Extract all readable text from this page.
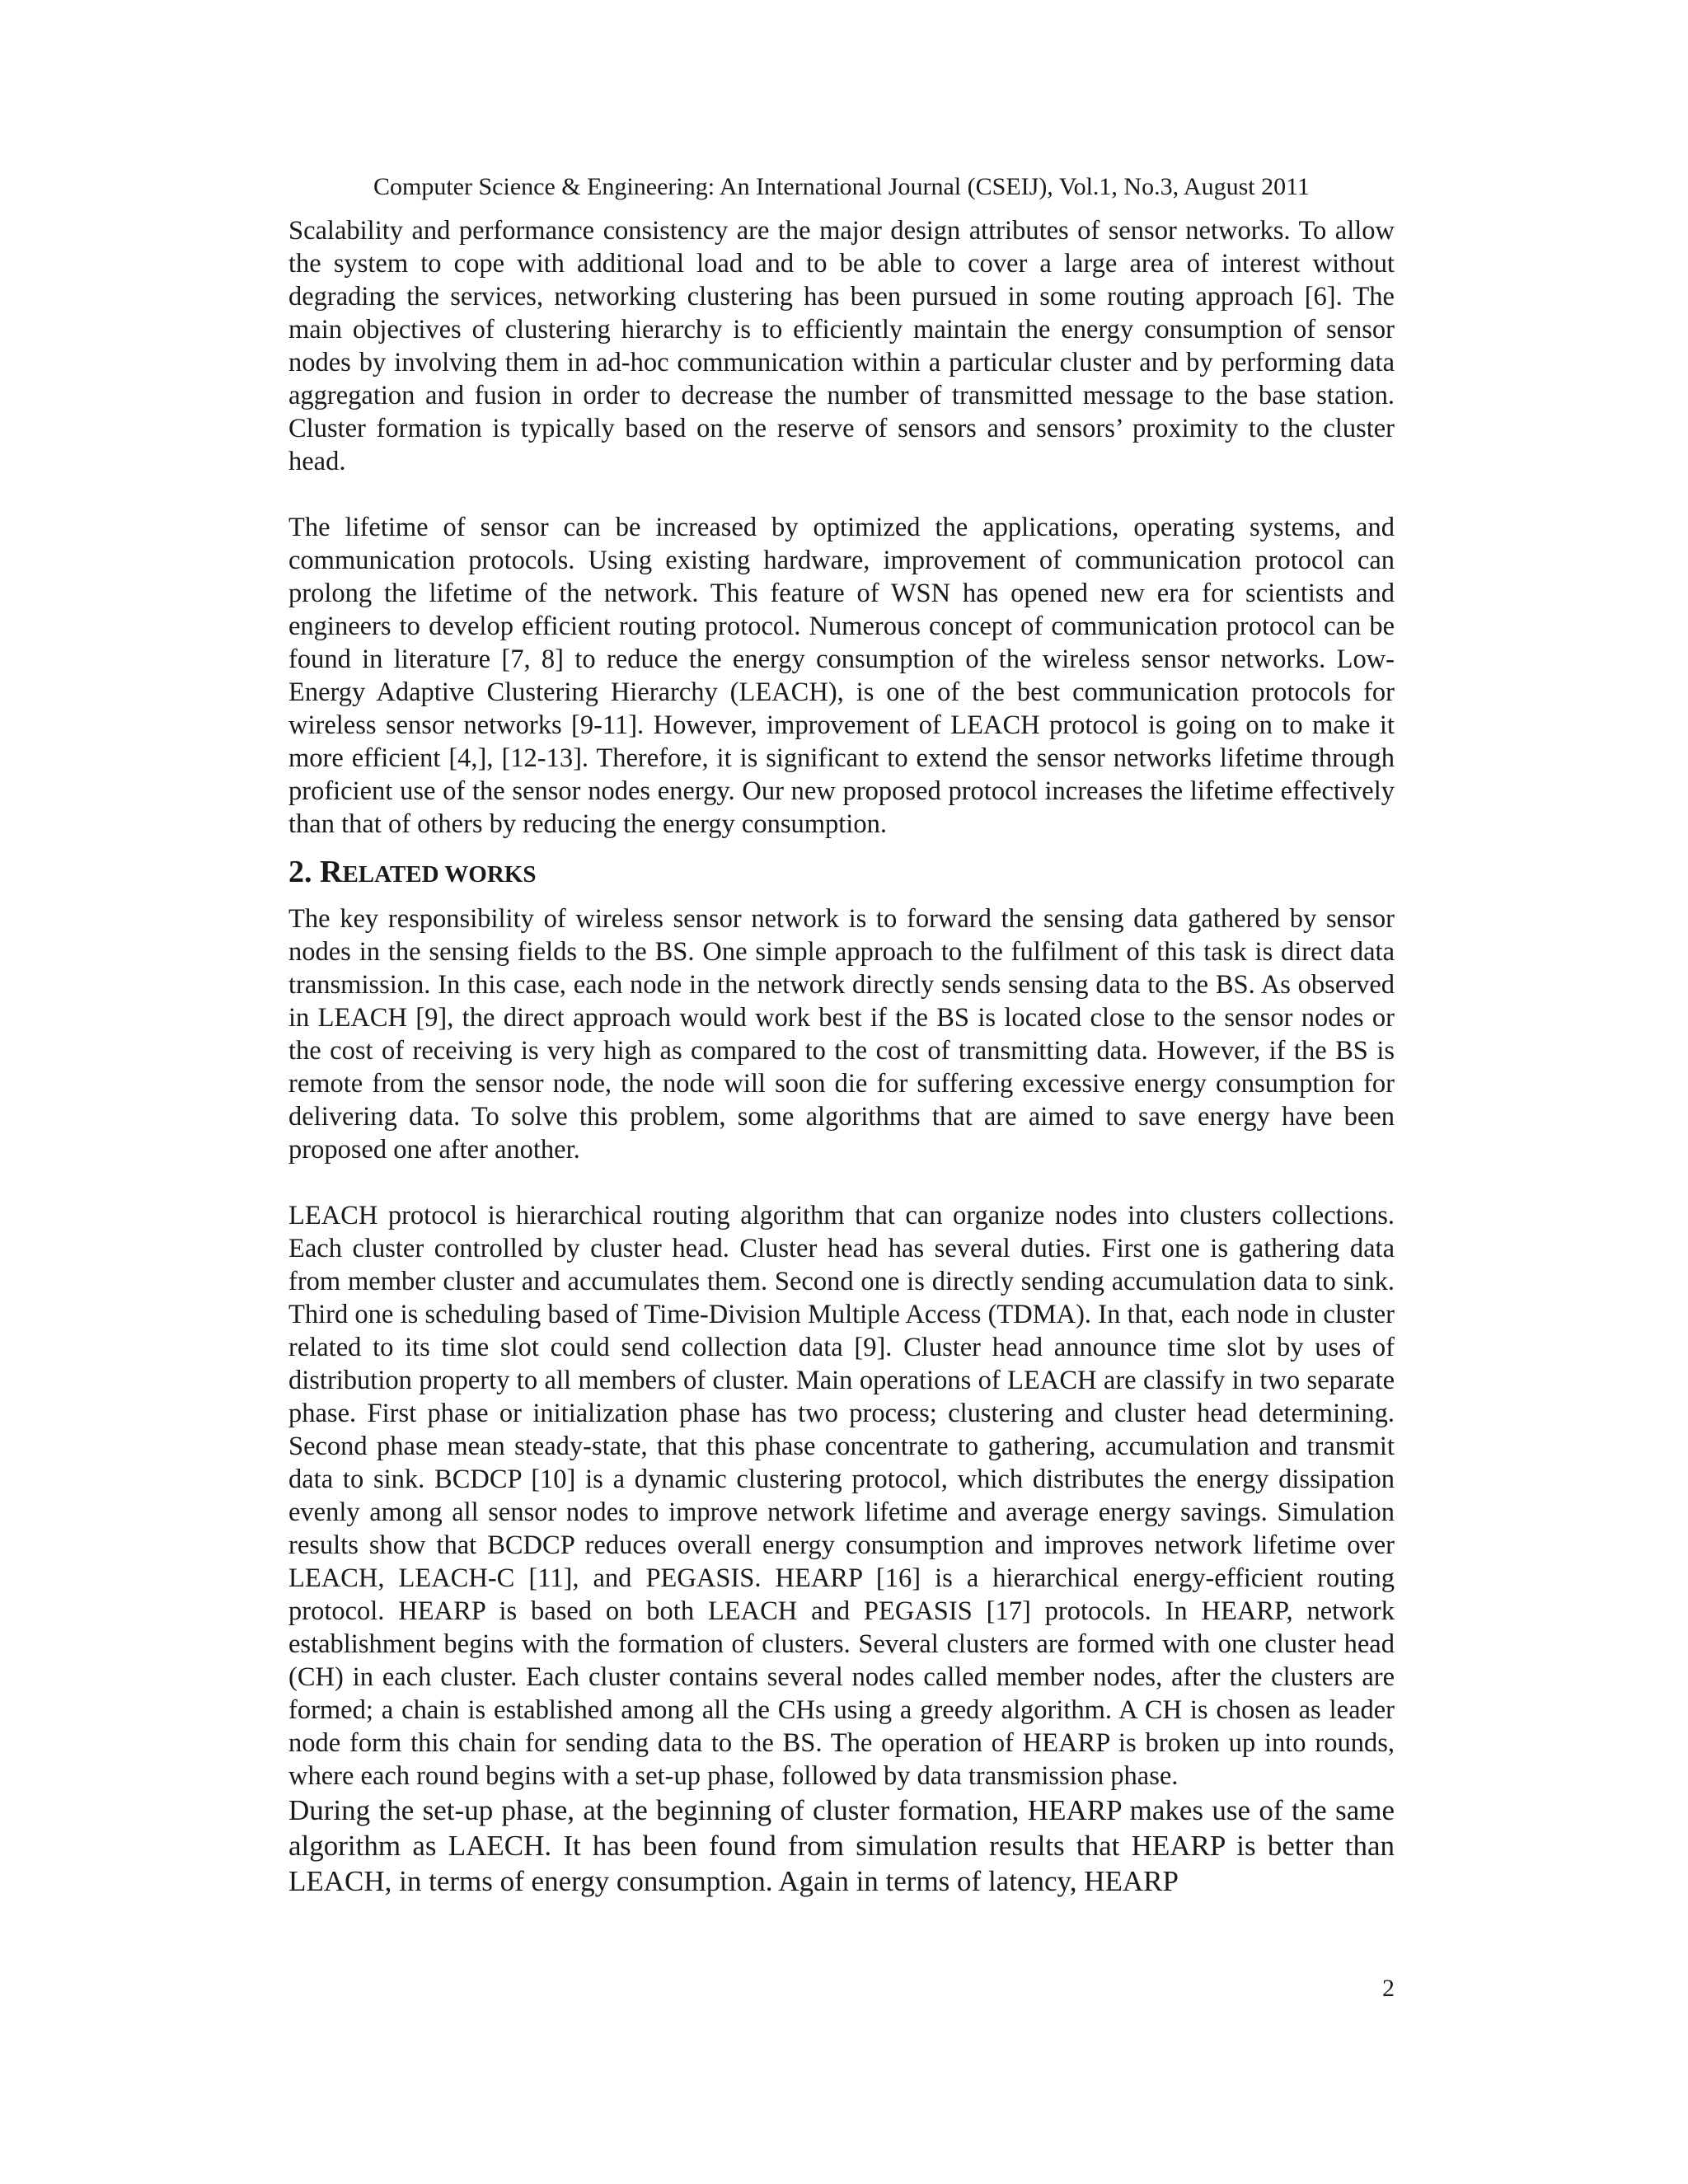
Computer Science & Engineering: An International Journal (CSEIJ), Vol.1, No.3, August 2011

Scalability and performance consistency are the major design attributes of sensor networks. To allow the system to cope with additional load and to be able to cover a large area of interest without degrading the services, networking clustering has been pursued in some routing approach [6]. The main objectives of clustering hierarchy is to efficiently maintain the energy consumption of sensor nodes by involving them in ad-hoc communication within a particular cluster and by performing data aggregation and fusion in order to decrease the number of transmitted message to the base station. Cluster formation is typically based on the reserve of sensors and sensors’ proximity to the cluster head.

The lifetime of sensor can be increased by optimized the applications, operating systems, and communication protocols. Using existing hardware, improvement of communication protocol can prolong the lifetime of the network. This feature of WSN has opened new era for scientists and engineers to develop efficient routing protocol. Numerous concept of communication protocol can be found in literature [7, 8] to reduce the energy consumption of the wireless sensor networks. Low-Energy Adaptive Clustering Hierarchy (LEACH), is one of the best communication protocols for wireless sensor networks [9-11]. However, improvement of LEACH protocol is going on to make it more efficient [4,], [12-13]. Therefore, it is significant to extend the sensor networks lifetime through proficient use of the sensor nodes energy. Our new proposed protocol increases the lifetime effectively than that of others by reducing the energy consumption.

2. RELATED WORKS

The key responsibility of wireless sensor network is to forward the sensing data gathered by sensor nodes in the sensing fields to the BS. One simple approach to the fulfilment of this task is direct data transmission. In this case, each node in the network directly sends sensing data to the BS. As observed in LEACH [9], the direct approach would work best if the BS is located close to the sensor nodes or the cost of receiving is very high as compared to the cost of transmitting data. However, if the BS is remote from the sensor node, the node will soon die for suffering excessive energy consumption for delivering data. To solve this problem, some algorithms that are aimed to save energy have been proposed one after another.

LEACH protocol is hierarchical routing algorithm that can organize nodes into clusters collections. Each cluster controlled by cluster head. Cluster head has several duties. First one is gathering data from member cluster and accumulates them. Second one is directly sending accumulation data to sink. Third one is scheduling based of Time-Division Multiple Access (TDMA). In that, each node in cluster related to its time slot could send collection data [9]. Cluster head announce time slot by uses of distribution property to all members of cluster. Main operations of LEACH are classify in two separate phase. First phase or initialization phase has two process; clustering and cluster head determining. Second phase mean steady-state, that this phase concentrate to gathering, accumulation and transmit data to sink. BCDCP [10] is a dynamic clustering protocol, which distributes the energy dissipation evenly among all sensor nodes to improve network lifetime and average energy savings. Simulation results show that BCDCP reduces overall energy consumption and improves network lifetime over LEACH, LEACH-C [11], and PEGASIS. HEARP [16] is a hierarchical energy-efficient routing protocol. HEARP is based on both LEACH and PEGASIS [17] protocols. In HEARP, network establishment begins with the formation of clusters. Several clusters are formed with one cluster head (CH) in each cluster. Each cluster contains several nodes called member nodes, after the clusters are formed; a chain is established among all the CHs using a greedy algorithm. A CH is chosen as leader node form this chain for sending data to the BS. The operation of HEARP is broken up into rounds, where each round begins with a set-up phase, followed by data transmission phase.

During the set-up phase, at the beginning of cluster formation, HEARP makes use of the same algorithm as LAECH. It has been found from simulation results that HEARP is better than LEACH, in terms of energy consumption. Again in terms of latency, HEARP

2
